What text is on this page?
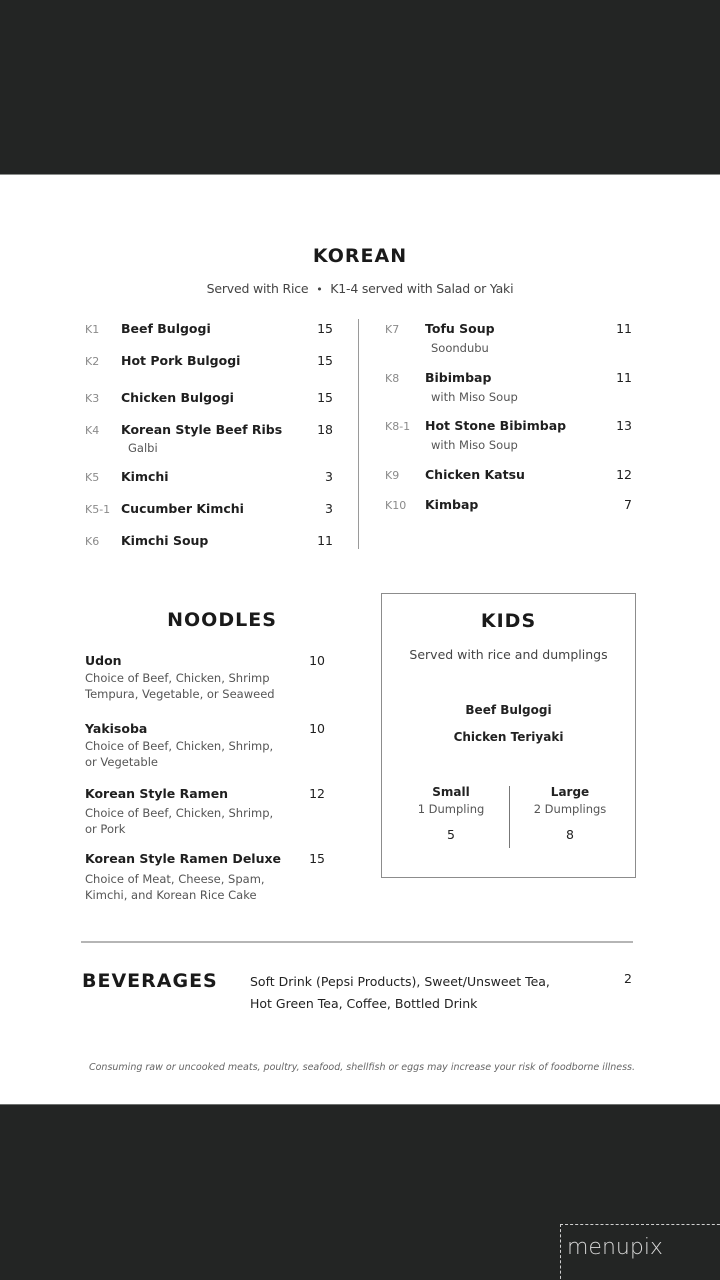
KOREAN
Served with Rice • K1-4 served with Salad or Yaki
K1 Beef Bulgogi	15
K2 Hot Pork Bulgogi	15
K3 Chicken Bulgogi	15
K4 Korean Style Beef Ribs	18
Galbi
K5 Kimchi	3
K5-1 Cucumber Kimchi	3
K6 Kimchi Soup	11
K7 Tofu Soup	11
Soondubu
K8 Bibimbap	11
with Miso Soup
K8-1 Hot Stone Bibimbap	13
with Miso Soup
K9 Chicken Katsu	12
K10 Kimbap	7
NOODLES
Udon	10
Choice of Beef, Chicken, Shrimp
Tempura, Vegetable, or Seaweed
Yakisoba	10
Choice of Beef, Chicken, Shrimp,
or Vegetable
Korean Style Ramen	12
Choice of Beef, Chicken, Shrimp,
or Pork
Korean Style Ramen Deluxe	15
Choice of Meat, Cheese, Spam,
Kimchi, and Korean Rice Cake
KIDS
Served with rice and dumplings
Beef Bulgogi
Chicken Teriyaki
Small
1 Dumpling
5
Large
2 Dumplings
8
BEVERAGES	Soft Drink (Pepsi Products), Sweet/Unsweet Tea,
Hot Green Tea, Coffee, Bottled Drink
2
Consuming raw or uncooked meats, poultry, seafood, shellfish or eggs may increase your risk of foodborne illness.
menupix
